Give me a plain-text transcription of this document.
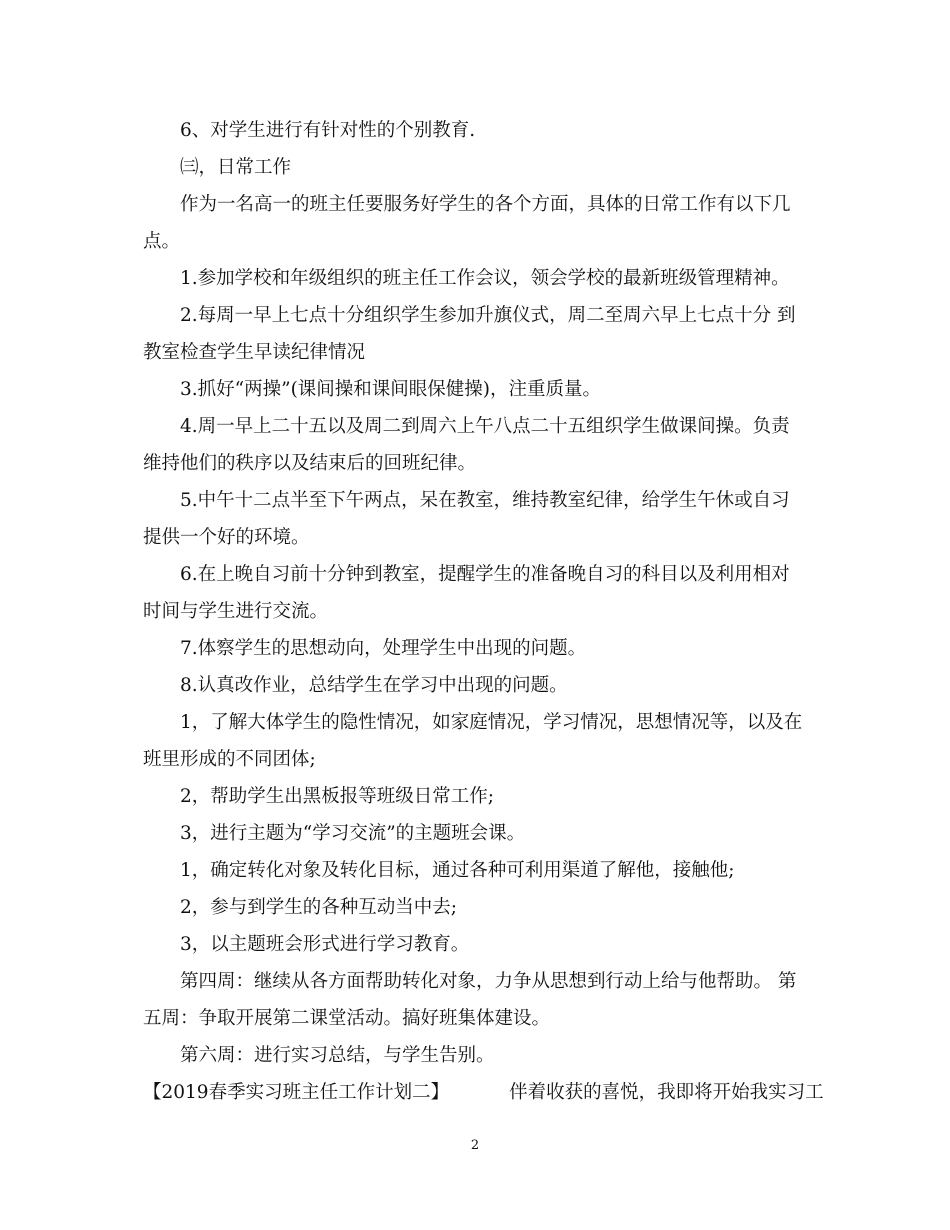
6、对学生进行有针对性的个别教育.
㈢，日常工作
作为一名高一的班主任要服务好学生的各个方面，具体的日常工作有以下几
点。
1.参加学校和年级组织的班主任工作会议，领会学校的最新班级管理精神。
2.每周一早上七点十分组织学生参加升旗仪式，周二至周六早上七点十分 到
教室检查学生早读纪律情况
3.抓好“两操”(课间操和课间眼保健操)，注重质量。
4.周一早上二十五以及周二到周六上午八点二十五组织学生做课间操。负责
维持他们的秩序以及结束后的回班纪律。
5.中午十二点半至下午两点，呆在教室，维持教室纪律，给学生午休或自习
提供一个好的环境。
6.在上晚自习前十分钟到教室，提醒学生的准备晚自习的科目以及利用相对
时间与学生进行交流。
7.体察学生的思想动向，处理学生中出现的问题。
8.认真改作业，总结学生在学习中出现的问题。
1，了解大体学生的隐性情况，如家庭情况，学习情况，思想情况等，以及在
班里形成的不同团体;
2，帮助学生出黑板报等班级日常工作;
3，进行主题为“学习交流”的主题班会课。
1，确定转化对象及转化目标，通过各种可利用渠道了解他，接触他;
2，参与到学生的各种互动当中去;
3，以主题班会形式进行学习教育。
第四周：继续从各方面帮助转化对象，力争从思想到行动上给与他帮助。 第
五周：争取开展第二课堂活动。搞好班集体建设。
第六周：进行实习总结，与学生告别。
【2019春季实习班主任工作计划二】	伴着收获的喜悦，我即将开始我实习工
2
